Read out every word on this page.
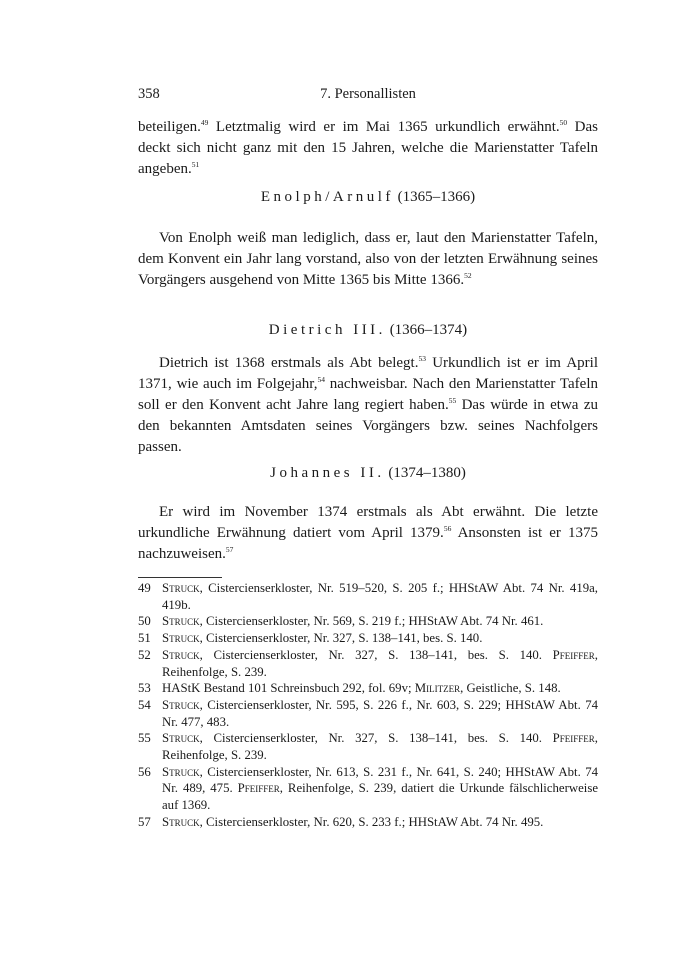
358	7. Personallisten

beteiligen.$^{49}$ Letztmalig wird er im Mai 1365 urkundlich erwähnt.$^{50}$ Das deckt sich nicht ganz mit den 15 Jahren, welche die Marienstatter Tafeln angeben.$^{51}$

Enolph/Arnulf (1365–1366)

Von Enolph weiß man lediglich, dass er, laut den Marienstatter Tafeln, dem Konvent ein Jahr lang vorstand, also von der letzten Erwähnung seines Vorgängers ausgehend von Mitte 1365 bis Mitte 1366.52

Dietrich III. (1366–1374)

Dietrich ist 1368 erstmals als Abt belegt.$^{53}$ Urkundlich ist er im April 1371, wie auch im Folgejahr,$^{54}$ nachweisbar. Nach den Marienstatter Tafeln soll er den Konvent acht Jahre lang regiert haben.$^{55}$ Das würde in etwa zu den bekannten Amtsdaten seines Vorgängers bzw. seines Nachfolgers passen.

Johannes II. (1374–1380)

Er wird im November 1374 erstmals als Abt erwähnt. Die letzte urkundliche Erwähnung datiert vom April 1379.56 Ansonsten ist er 1375 nachzuweisen.$^{57}$

49 Struck, Cistercienserkloster, Nr. 519–520, S. 205 f.; HHStAW Abt. 74 Nr. 419a, 419b.
50 Struck, Cistercienserkloster, Nr. 569, S. 219 f.; HHStAW Abt. 74 Nr. 461.
51 Struck, Cistercienserkloster, Nr. 327, S. 138–141, bes. S. 140.
52 Struck, Cistercienserkloster, Nr. 327, S. 138–141, bes. S. 140. Pfeiffer, Reihenfolge, S. 239.
53 HAStK Bestand 101 Schreinsbuch 292, fol. 69v; Militzer, Geistliche, S. 148.
54 Struck, Cistercienserkloster, Nr. 595, S. 226 f., Nr. 603, S. 229; HHStAW Abt. 74 Nr. 477, 483.
55 Struck, Cistercienserkloster, Nr. 327, S. 138–141, bes. S. 140. Pfeiffer, Reihenfolge, S. 239.
56 Struck, Cistercienserkloster, Nr. 613, S. 231 f., Nr. 641, S. 240; HHStAW Abt. 74 Nr. 489, 475. Pfeiffer, Reihenfolge, S. 239, datiert die Urkunde fälschlicherweise auf 1369.
57 Struck, Cistercienserkloster, Nr. 620, S. 233 f.; HHStAW Abt. 74 Nr. 495.
